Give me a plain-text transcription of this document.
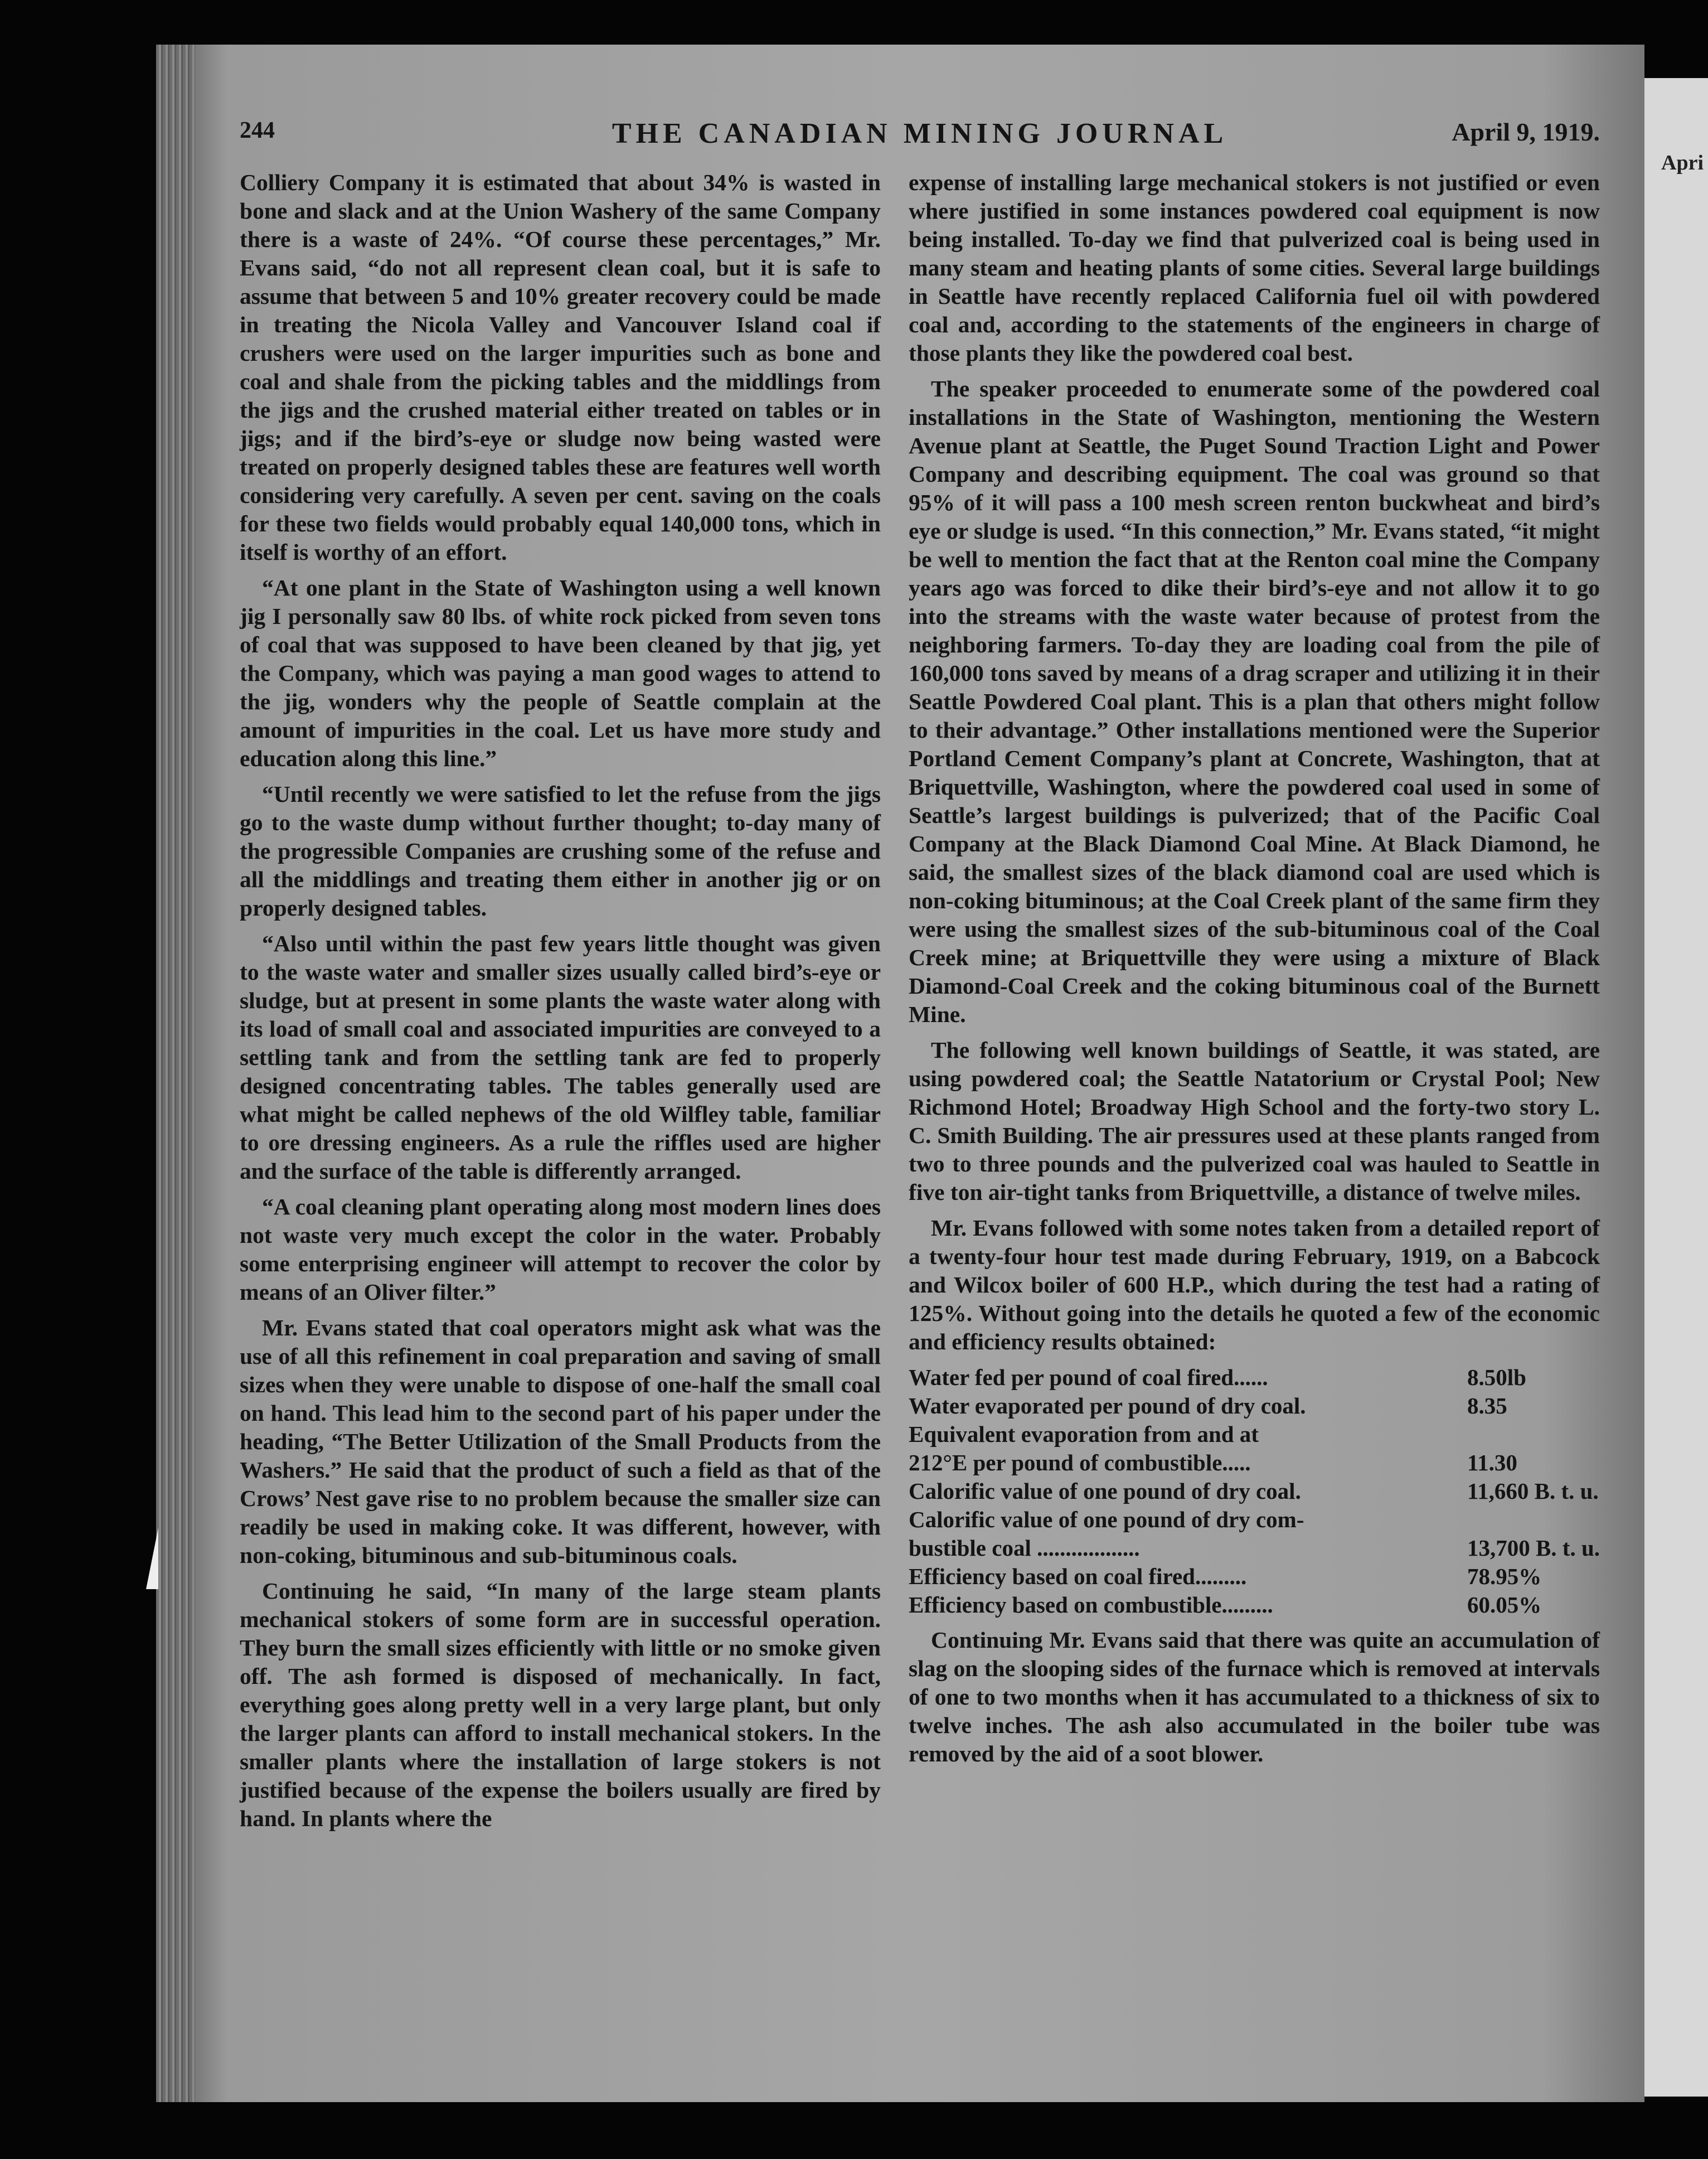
Apri
244	THE CANADIAN MINING JOURNAL	April 9, 1919.

Colliery Company it is estimated that about 34% is wasted in bone and slack and at the Union Washery of the same Company there is a waste of 24%. “Of course these percentages,” Mr. Evans said, “do not all represent clean coal, but it is safe to assume that between 5 and 10% greater recovery could be made in treating the Nicola Valley and Vancouver Island coal if crushers were used on the larger impurities such as bone and coal and shale from the picking tables and the middlings from the jigs and the crushed material either treated on tables or in jigs; and if the bird’s-eye or sludge now being wasted were treated on properly designed tables these are features well worth considering very carefully. A seven per cent. saving on the coals for these two fields would probably equal 140,000 tons, which in itself is worthy of an effort.

“At one plant in the State of Washington using a well known jig I personally saw 80 lbs. of white rock picked from seven tons of coal that was supposed to have been cleaned by that jig, yet the Company, which was paying a man good wages to attend to the jig, wonders why the people of Seattle complain at the amount of impurities in the coal. Let us have more study and education along this line.”

“Until recently we were satisfied to let the refuse from the jigs go to the waste dump without further thought; to-day many of the progressible Companies are crushing some of the refuse and all the middlings and treating them either in another jig or on properly designed tables.

“Also until within the past few years little thought was given to the waste water and smaller sizes usually called bird’s-eye or sludge, but at present in some plants the waste water along with its load of small coal and associated impurities are conveyed to a settling tank and from the settling tank are fed to properly designed concentrating tables. The tables generally used are what might be called nephews of the old Wilfley table, familiar to ore dressing engineers. As a rule the riffles used are higher and the surface of the table is differently arranged.

“A coal cleaning plant operating along most modern lines does not waste very much except the color in the water. Probably some enterprising engineer will attempt to recover the color by means of an Oliver filter.”

Mr. Evans stated that coal operators might ask what was the use of all this refinement in coal preparation and saving of small sizes when they were unable to dispose of one-half the small coal on hand. This lead him to the second part of his paper under the heading, “The Better Utilization of the Small Products from the Washers.” He said that the product of such a field as that of the Crows’ Nest gave rise to no problem because the smaller size can readily be used in making coke. It was different, however, with non-coking, bituminous and sub-bituminous coals.

Continuing he said, “In many of the large steam plants mechanical stokers of some form are in successful operation. They burn the small sizes efficiently with little or no smoke given off. The ash formed is disposed of mechanically. In fact, everything goes along pretty well in a very large plant, but only the larger plants can afford to install mechanical stokers. In the smaller plants where the installation of large stokers is not justified because of the expense the boilers usually are fired by hand. In plants where the

expense of installing large mechanical stokers is not justified or even where justified in some instances powdered coal equipment is now being installed. To-day we find that pulverized coal is being used in many steam and heating plants of some cities. Several large buildings in Seattle have recently replaced California fuel oil with powdered coal and, according to the statements of the engineers in charge of those plants they like the powdered coal best.

The speaker proceeded to enumerate some of the powdered coal installations in the State of Washington, mentioning the Western Avenue plant at Seattle, the Puget Sound Traction Light and Power Company and describing equipment. The coal was ground so that 95% of it will pass a 100 mesh screen renton buckwheat and bird’s eye or sludge is used. “In this connection,” Mr. Evans stated, “it might be well to mention the fact that at the Renton coal mine the Company years ago was forced to dike their bird’s-eye and not allow it to go into the streams with the waste water because of protest from the neighboring farmers. To-day they are loading coal from the pile of 160,000 tons saved by means of a drag scraper and utilizing it in their Seattle Powdered Coal plant. This is a plan that others might follow to their advantage.” Other installations mentioned were the Superior Portland Cement Company’s plant at Concrete, Washington, that at Briquettville, Washington, where the powdered coal used in some of Seattle’s largest buildings is pulverized; that of the Pacific Coal Company at the Black Diamond Coal Mine. At Black Diamond, he said, the smallest sizes of the black diamond coal are used which is non-coking bituminous; at the Coal Creek plant of the same firm they were using the smallest sizes of the sub-bituminous coal of the Coal Creek mine; at Briquettville they were using a mixture of Black Diamond-Coal Creek and the coking bituminous coal of the Burnett Mine.

The following well known buildings of Seattle, it was stated, are using powdered coal; the Seattle Natatorium or Crystal Pool; New Richmond Hotel; Broadway High School and the forty-two story L. C. Smith Building. The air pressures used at these plants ranged from two to three pounds and the pulverized coal was hauled to Seattle in five ton air-tight tanks from Briquettville, a distance of twelve miles.

Mr. Evans followed with some notes taken from a detailed report of a twenty-four hour test made during February, 1919, on a Babcock and Wilcox boiler of 600 H.P., which during the test had a rating of 125%. Without going into the details he quoted a few of the economic and efficiency results obtained:

Water fed per pound of coal fired......	8.50lb
Water evaporated per pound of dry coal.	8.35
Equivalent evaporation from and at	
212°E per pound of combustible.....	11.30
Calorific value of one pound of dry coal.	11,660 B. t. u.
Calorific value of one pound of dry com-	
bustible coal ..................	13,700 B. t. u.
Efficiency based on coal fired.........	78.95%
Efficiency based on combustible.........	60.05%

Continuing Mr. Evans said that there was quite an accumulation of slag on the slooping sides of the furnace which is removed at intervals of one to two months when it has accumulated to a thickness of six to twelve inches. The ash also accumulated in the boiler tube was removed by the aid of a soot blower.
